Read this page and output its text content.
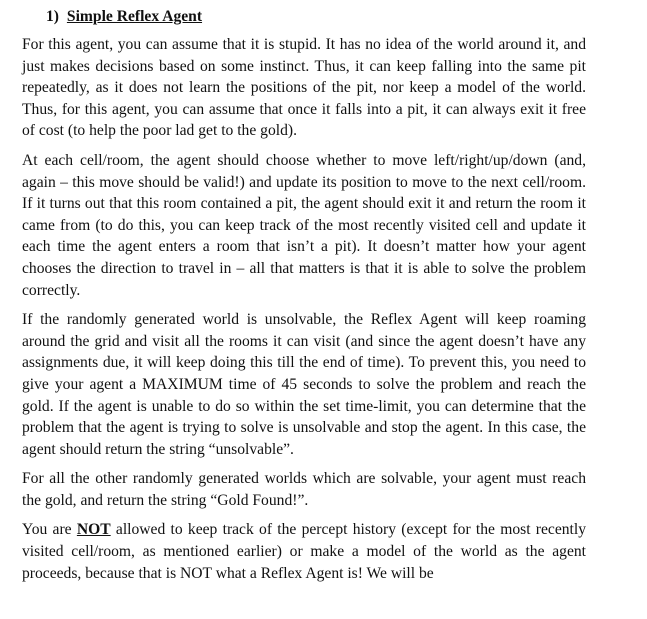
1) Simple Reflex Agent

For this agent, you can assume that it is stupid. It has no idea of the world around it, and just makes decisions based on some instinct. Thus, it can keep falling into the same pit repeatedly, as it does not learn the positions of the pit, nor keep a model of the world. Thus, for this agent, you can assume that once it falls into a pit, it can always exit it free of cost (to help the poor lad get to the gold).

At each cell/room, the agent should choose whether to move left/right/up/down (and, again – this move should be valid!) and update its position to move to the next cell/room. If it turns out that this room contained a pit, the agent should exit it and return the room it came from (to do this, you can keep track of the most recently visited cell and update it each time the agent enters a room that isn’t a pit). It doesn’t matter how your agent chooses the direction to travel in – all that matters is that it is able to solve the problem correctly.

If the randomly generated world is unsolvable, the Reflex Agent will keep roaming around the grid and visit all the rooms it can visit (and since the agent doesn’t have any assignments due, it will keep doing this till the end of time). To prevent this, you need to give your agent a MAXIMUM time of 45 seconds to solve the problem and reach the gold. If the agent is unable to do so within the set time-limit, you can determine that the problem that the agent is trying to solve is unsolvable and stop the agent. In this case, the agent should return the string “unsolvable”.

For all the other randomly generated worlds which are solvable, your agent must reach the gold, and return the string “Gold Found!”.

You are NOT allowed to keep track of the percept history (except for the most recently visited cell/room, as mentioned earlier) or make a model of the world as the agent proceeds, because that is NOT what a Reflex Agent is! We will be
